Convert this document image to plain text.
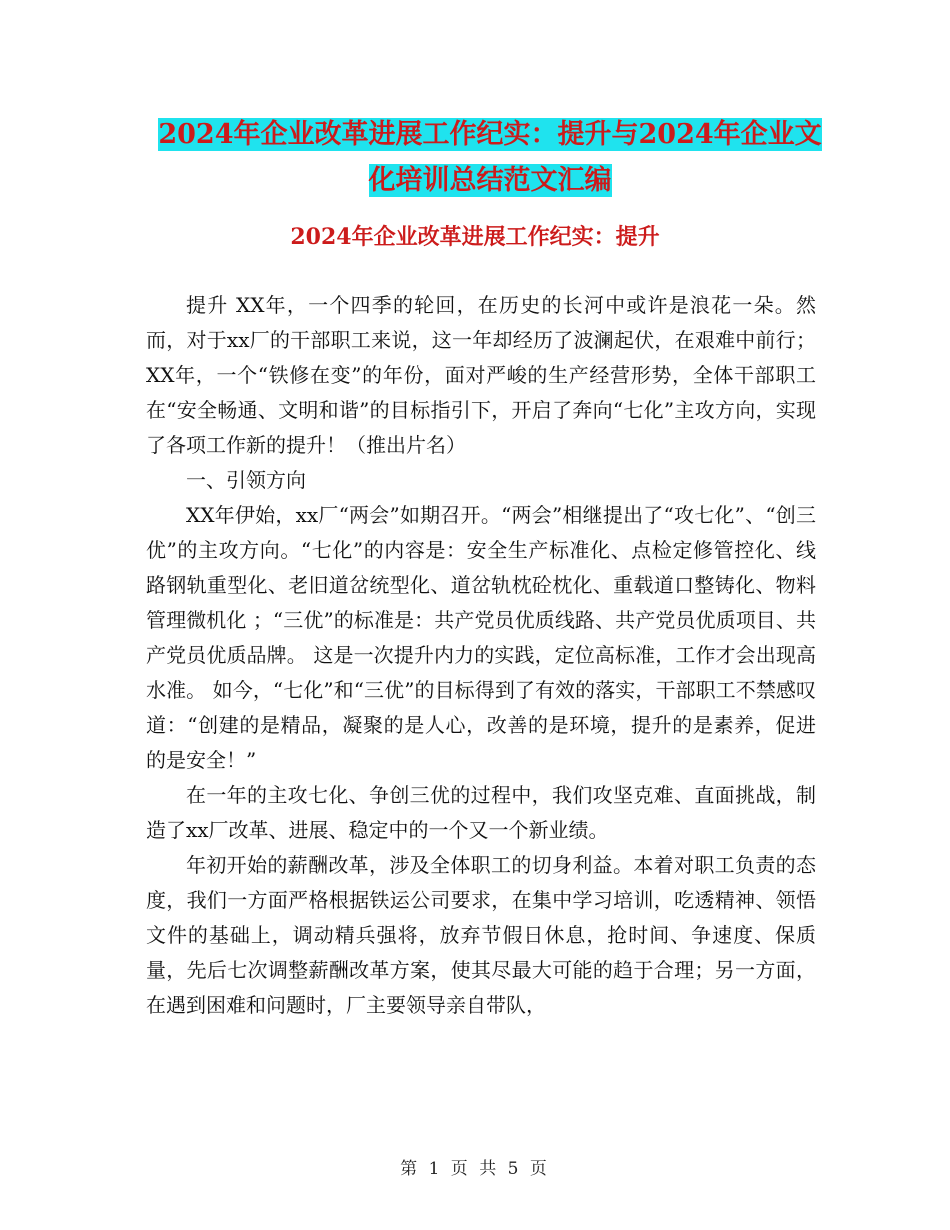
2024年企业改革进展工作纪实：提升与2024年企业文
化培训总结范文汇编
2024年企业改革进展工作纪实：提升

提升 XX年，一个四季的轮回，在历史的长河中或许是浪花一朵。然而，对于xx厂的干部职工来说，这一年却经历了波澜起伏，在艰难中前行；XX年，一个“铁修在变”的年份，面对严峻的生产经营形势，全体干部职工在“安全畅通、文明和谐”的目标指引下，开启了奔向“七化”主攻方向，实现了各项工作新的提升！（推出片名）

一、引领方向

XX年伊始，xx厂“两会”如期召开。“两会”相继提出了“攻七化”、“创三优”的主攻方向。“七化”的内容是：安全生产标准化、点检定修管控化、线路钢轨重型化、老旧道岔统型化、道岔轨枕砼枕化、重载道口整铸化、物料管理微机化 ；“三优”的标准是：共产党员优质线路、共产党员优质项目、共产党员优质品牌。 这是一次提升内力的实践，定位高标准，工作才会出现高水准。 如今，“七化”和“三优”的目标得到了有效的落实，干部职工不禁感叹道：“创建的是精品，凝聚的是人心，改善的是环境，提升的是素养，促进的是安全！”

在一年的主攻七化、争创三优的过程中，我们攻坚克难、直面挑战，制造了xx厂改革、进展、稳定中的一个又一个新业绩。

年初开始的薪酬改革，涉及全体职工的切身利益。本着对职工负责的态度，我们一方面严格根据铁运公司要求，在集中学习培训，吃透精神、领悟文件的基础上，调动精兵强将，放弃节假日休息，抢时间、争速度、保质量，先后七次调整薪酬改革方案，使其尽最大可能的趋于合理；另一方面，在遇到困难和问题时，厂主要领导亲自带队，

第 1 页 共 5 页
